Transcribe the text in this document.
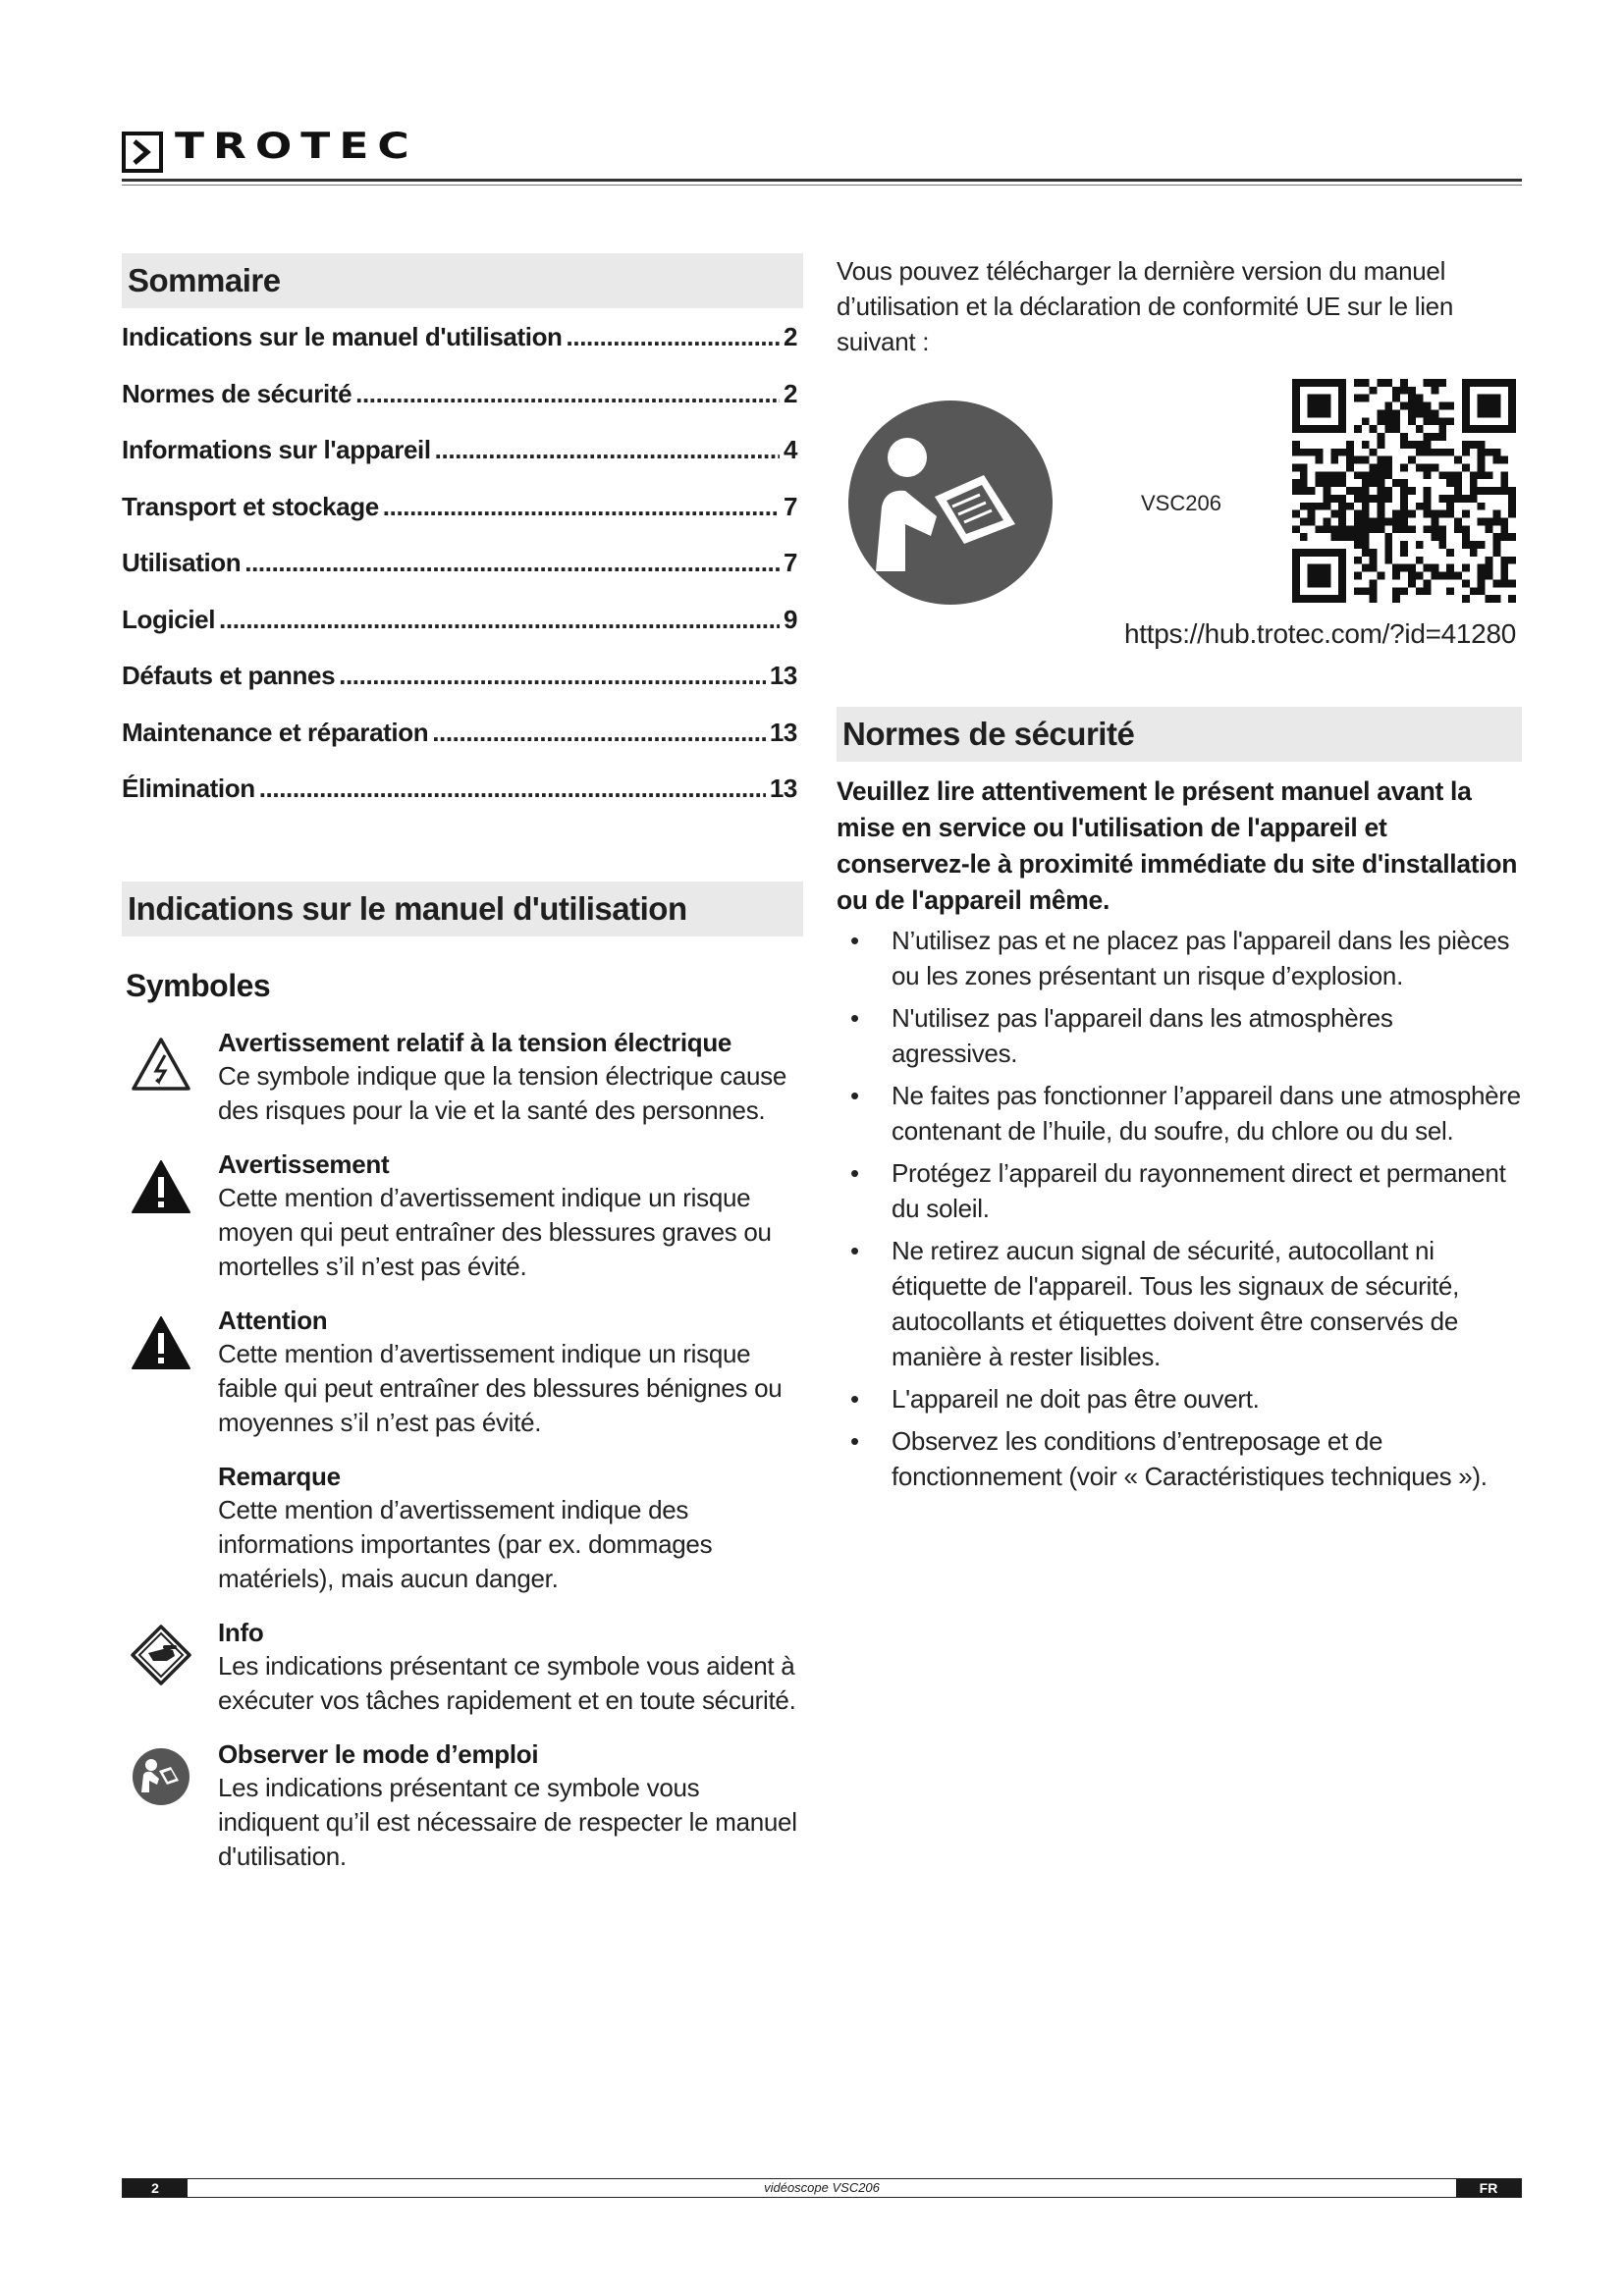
TROTEC
Sommaire
Indications sur le manuel d'utilisation .....	2
Normes de sécurité .....	2
Informations sur l'appareil .....	4
Transport et stockage .....	7
Utilisation .....	7
Logiciel .....	9
Défauts et pannes .....	13
Maintenance et réparation .....	13
Élimination .....	13
Indications sur le manuel d'utilisation
Symboles
Avertissement relatif à la tension électrique
Ce symbole indique que la tension électrique cause des risques pour la vie et la santé des personnes.
Avertissement
Cette mention d’avertissement indique un risque moyen qui peut entraîner des blessures graves ou mortelles s’il n’est pas évité.
Attention
Cette mention d’avertissement indique un risque faible qui peut entraîner des blessures bénignes ou moyennes s’il n’est pas évité.
Remarque
Cette mention d’avertissement indique des informations importantes (par ex. dommages matériels), mais aucun danger.
Info
Les indications présentant ce symbole vous aident à exécuter vos tâches rapidement et en toute sécurité.
Observer le mode d’emploi
Les indications présentant ce symbole vous indiquent qu’il est nécessaire de respecter le manuel d'utilisation.
Vous pouvez télécharger la dernière version du manuel d’utilisation et la déclaration de conformité UE sur le lien suivant :
VSC206
https://hub.trotec.com/?id=41280
Normes de sécurité
Veuillez lire attentivement le présent manuel avant la mise en service ou l'utilisation de l'appareil et conservez-le à proximité immédiate du site d'installation ou de l'appareil même.
• N’utilisez pas et ne placez pas l'appareil dans les pièces ou les zones présentant un risque d’explosion.
• N'utilisez pas l'appareil dans les atmosphères agressives.
• Ne faites pas fonctionner l’appareil dans une atmosphère contenant de l’huile, du soufre, du chlore ou du sel.
• Protégez l’appareil du rayonnement direct et permanent du soleil.
• Ne retirez aucun signal de sécurité, autocollant ni étiquette de l'appareil. Tous les signaux de sécurité, autocollants et étiquettes doivent être conservés de manière à rester lisibles.
• L'appareil ne doit pas être ouvert.
• Observez les conditions d’entreposage et de fonctionnement (voir « Caractéristiques techniques »).
2	vidéoscope VSC206	FR
